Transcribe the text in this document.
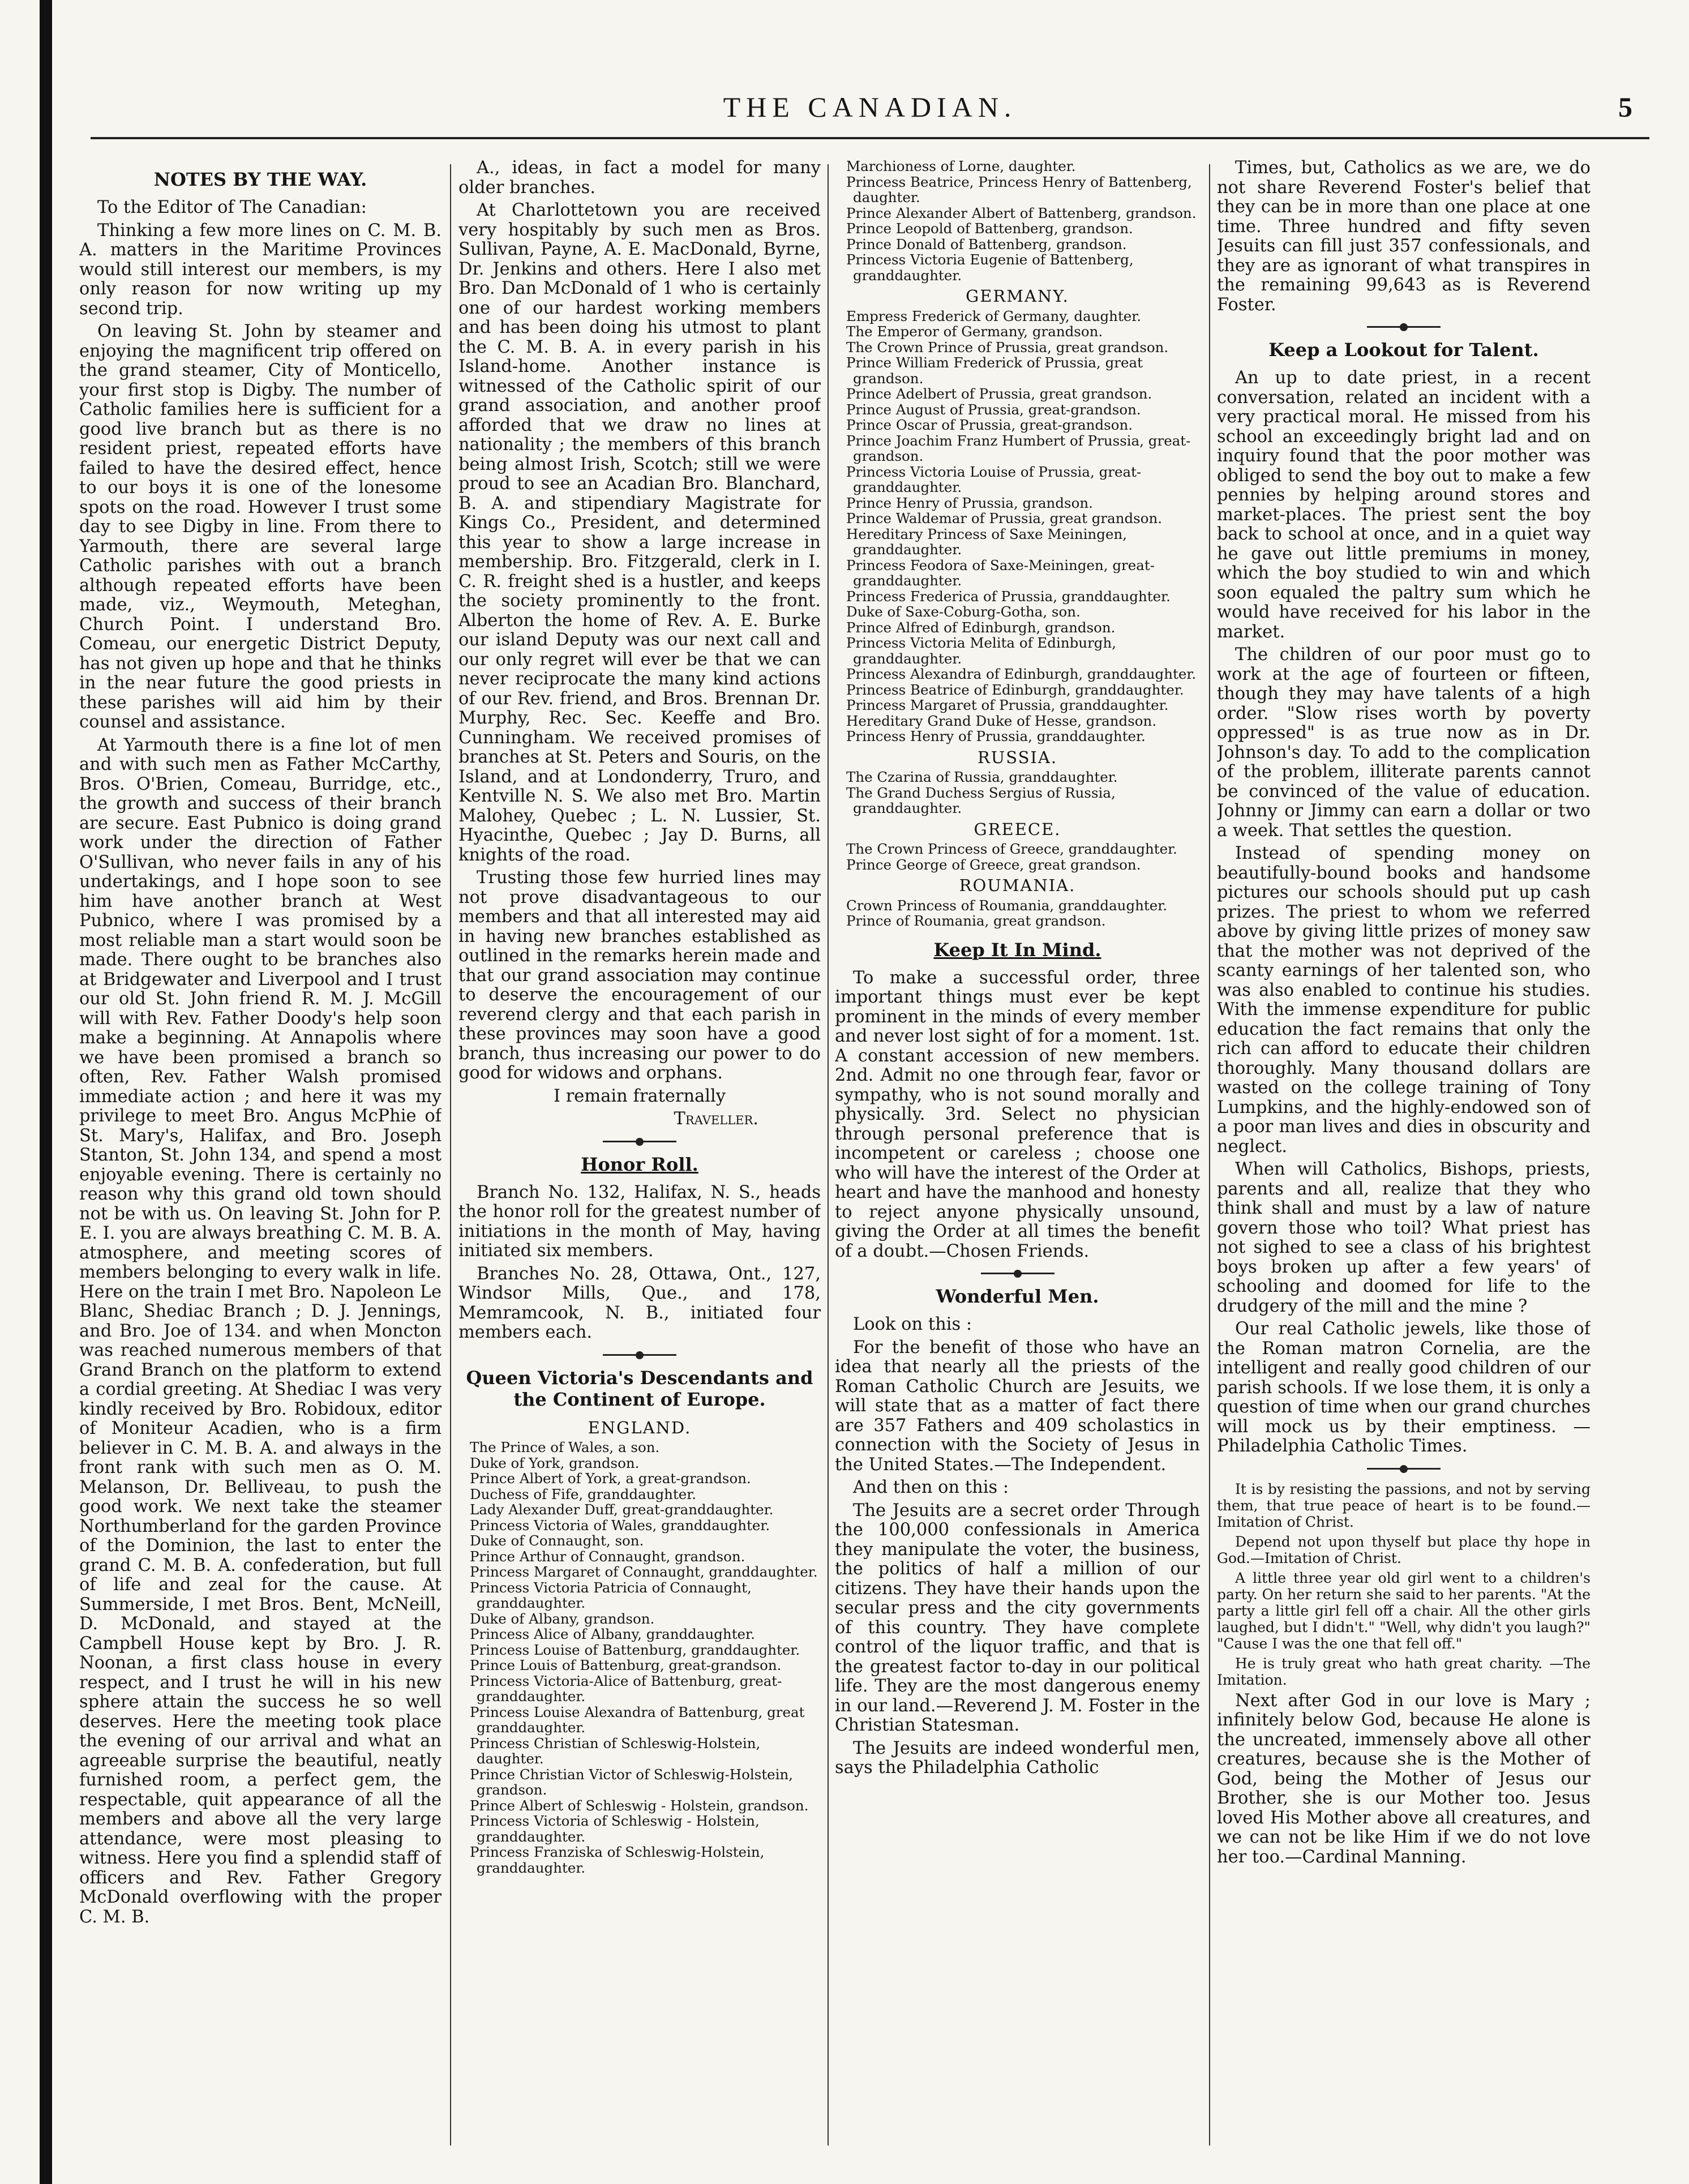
THE CANADIAN.	5
NOTES BY THE WAY.

To the Editor of The Canadian:

Thinking a few more lines on C. M. B. A. matters in the Maritime Provinces would still interest our members, is my only reason for now writing up my second trip.

On leaving St. John by steamer and enjoying the magnificent trip offered on the grand steamer, City of Monticello, your first stop is Digby. The number of Catholic families here is sufficient for a good live branch but as there is no resident priest, repeated efforts have failed to have the desired effect, hence to our boys it is one of the lonesome spots on the road. However I trust some day to see Digby in line. From there to Yarmouth, there are several large Catholic parishes with out a branch although repeated efforts have been made, viz., Weymouth, Meteghan, Church Point. I understand Bro. Comeau, our energetic District Deputy, has not given up hope and that he thinks in the near future the good priests in these parishes will aid him by their counsel and assistance.

At Yarmouth there is a fine lot of men and with such men as Father McCarthy, Bros. O'Brien, Comeau, Burridge, etc., the growth and success of their branch are secure. East Pubnico is doing grand work under the direction of Father O'Sullivan, who never fails in any of his undertakings, and I hope soon to see him have another branch at West Pubnico, where I was promised by a most reliable man a start would soon be made. There ought to be branches also at Bridgewater and Liverpool and I trust our old St. John friend R. M. J. McGill will with Rev. Father Doody's help soon make a beginning. At Annapolis where we have been promised a branch so often, Rev. Father Walsh promised immediate action ; and here it was my privilege to meet Bro. Angus McPhie of St. Mary's, Halifax, and Bro. Joseph Stanton, St. John 134, and spend a most enjoyable evening. There is certainly no reason why this grand old town should not be with us. On leaving St. John for P. E. I. you are always breathing C. M. B. A. atmosphere, and meeting scores of members belonging to every walk in life. Here on the train I met Bro. Napoleon Le Blanc, Shediac Branch ; D. J. Jennings, and Bro. Joe of 134. and when Moncton was reached numerous members of that Grand Branch on the platform to extend a cordial greeting. At Shediac I was very kindly received by Bro. Robidoux, editor of Moniteur Acadien, who is a firm believer in C. M. B. A. and always in the front rank with such men as O. M. Melanson, Dr. Belliveau, to push the good work. We next take the steamer Northumberland for the garden Province of the Dominion, the last to enter the grand C. M. B. A. confederation, but full of life and zeal for the cause. At Summerside, I met Bros. Bent, McNeill, D. McDonald, and stayed at the Campbell House kept by Bro. J. R. Noonan, a first class house in every respect, and I trust he will in his new sphere attain the success he so well deserves. Here the meeting took place the evening of our arrival and what an agreeable surprise the beautiful, neatly furnished room, a perfect gem, the respectable, quit appearance of all the members and above all the very large attendance, were most pleasing to witness. Here you find a splendid staff of officers and Rev. Father Gregory McDonald overflowing with the proper C. M. B.

A., ideas, in fact a model for many older branches.

At Charlottetown you are received very hospitably by such men as Bros. Sullivan, Payne, A. E. MacDonald, Byrne, Dr. Jenkins and others. Here I also met Bro. Dan McDonald of 1 who is certainly one of our hardest working members and has been doing his utmost to plant the C. M. B. A. in every parish in his Island-home. Another instance is witnessed of the Catholic spirit of our grand association, and another proof afforded that we draw no lines at nationality ; the members of this branch being almost Irish, Scotch; still we were proud to see an Acadian Bro. Blanchard, B. A. and stipendiary Magistrate for Kings Co., President, and determined this year to show a large increase in membership. Bro. Fitzgerald, clerk in I. C. R. freight shed is a hustler, and keeps the society prominently to the front. Alberton the home of Rev. A. E. Burke our island Deputy was our next call and our only regret will ever be that we can never reciprocate the many kind actions of our Rev. friend, and Bros. Brennan Dr. Murphy, Rec. Sec. Keeffe and Bro. Cunningham. We received promises of branches at St. Peters and Souris, on the Island, and at Londonderry, Truro, and Kentville N. S. We also met Bro. Martin Malohey, Quebec ; L. N. Lussier, St. Hyacinthe, Quebec ; Jay D. Burns, all knights of the road.

Trusting those few hurried lines may not prove disadvantageous to our members and that all interested may aid in having new branches established as outlined in the remarks herein made and that our grand association may continue to deserve the encouragement of our reverend clergy and that each parish in these provinces may soon have a good branch, thus increasing our power to do good for widows and orphans.

I remain fraternally

Traveller.

Honor Roll.

Branch No. 132, Halifax, N. S., heads the honor roll for the greatest number of initiations in the month of May, having initiated six members.

Branches No. 28, Ottawa, Ont., 127, Windsor Mills, Que., and 178, Memramcook, N. B., initiated four members each.

Queen Victoria's Descendants and the Continent of Europe.
ENGLAND.
The Prince of Wales, a son.
Duke of York, grandson.
Prince Albert of York, a great-grandson.
Duchess of Fife, granddaughter.
Lady Alexander Duff, great-granddaughter.
Princess Victoria of Wales, granddaughter.
Duke of Connaught, son.
Prince Arthur of Connaught, grandson.
Princess Margaret of Connaught, granddaughter.
Princess Victoria Patricia of Connaught, granddaughter.
Duke of Albany, grandson.
Princess Alice of Albany, granddaughter.
Princess Louise of Battenburg, granddaughter.
Prince Louis of Battenburg, great-grandson.
Princess Victoria-Alice of Battenburg, great-granddaughter.
Princess Louise Alexandra of Battenburg, great granddaughter.
Princess Christian of Schleswig-Holstein, daughter.
Prince Christian Victor of Schleswig-Holstein, grandson.
Prince Albert of Schleswig - Holstein, grandson.
Princess Victoria of Schleswig - Holstein, granddaughter.
Princess Franziska of Schleswig-Holstein, granddaughter.
Marchioness of Lorne, daughter.
Princess Beatrice, Princess Henry of Battenberg, daughter.
Prince Alexander Albert of Battenberg, grandson.
Prince Leopold of Battenberg, grandson.
Prince Donald of Battenberg, grandson.
Princess Victoria Eugenie of Battenberg, granddaughter.
GERMANY.
Empress Frederick of Germany, daughter.
The Emperor of Germany, grandson.
The Crown Prince of Prussia, great grandson.
Prince William Frederick of Prussia, great grandson.
Prince Adelbert of Prussia, great grandson.
Prince August of Prussia, great-grandson.
Prince Oscar of Prussia, great-grandson.
Prince Joachim Franz Humbert of Prussia, great-grandson.
Princess Victoria Louise of Prussia, great-granddaughter.
Prince Henry of Prussia, grandson.
Prince Waldemar of Prussia, great grandson.
Hereditary Princess of Saxe Meiningen, granddaughter.
Princess Feodora of Saxe-Meiningen, great-granddaughter.
Princess Frederica of Prussia, granddaughter.
Duke of Saxe-Coburg-Gotha, son.
Prince Alfred of Edinburgh, grandson.
Princess Victoria Melita of Edinburgh, granddaughter.
Princess Alexandra of Edinburgh, granddaughter.
Princess Beatrice of Edinburgh, granddaughter.
Princess Margaret of Prussia, granddaughter.
Hereditary Grand Duke of Hesse, grandson.
Princess Henry of Prussia, granddaughter.
RUSSIA.
The Czarina of Russia, granddaughter.
The Grand Duchess Sergius of Russia, granddaughter.
GREECE.
The Crown Princess of Greece, granddaughter.
Prince George of Greece, great grandson.
ROUMANIA.
Crown Princess of Roumania, granddaughter.
Prince of Roumania, great grandson.
Keep It In Mind.

To make a successful order, three important things must ever be kept prominent in the minds of every member and never lost sight of for a moment. 1st. A constant accession of new members. 2nd. Admit no one through fear, favor or sympathy, who is not sound morally and physically. 3rd. Select no physician through personal preference that is incompetent or careless ; choose one who will have the interest of the Order at heart and have the manhood and honesty to reject anyone physically unsound, giving the Order at all times the benefit of a doubt.—Chosen Friends.

Wonderful Men.

Look on this :

For the benefit of those who have an idea that nearly all the priests of the Roman Catholic Church are Jesuits, we will state that as a matter of fact there are 357 Fathers and 409 scholastics in connection with the Society of Jesus in the United States.—The Independent.

And then on this :

The Jesuits are a secret order Through the 100,000 confessionals in America they manipulate the voter, the business, the politics of half a million of our citizens. They have their hands upon the secular press and the city governments of this country. They have complete control of the liquor traffic, and that is the greatest factor to-day in our political life. They are the most dangerous enemy in our land.—Reverend J. M. Foster in the Christian Statesman.

The Jesuits are indeed wonderful men, says the Philadelphia Catholic

Times, but, Catholics as we are, we do not share Reverend Foster's belief that they can be in more than one place at one time. Three hundred and fifty seven Jesuits can fill just 357 confessionals, and they are as ignorant of what transpires in the remaining 99,643 as is Reverend Foster.

Keep a Lookout for Talent.

An up to date priest, in a recent conversation, related an incident with a very practical moral. He missed from his school an exceedingly bright lad and on inquiry found that the poor mother was obliged to send the boy out to make a few pennies by helping around stores and market-places. The priest sent the boy back to school at once, and in a quiet way he gave out little premiums in money, which the boy studied to win and which soon equaled the paltry sum which he would have received for his labor in the market.

The children of our poor must go to work at the age of fourteen or fifteen, though they may have talents of a high order. "Slow rises worth by poverty oppressed" is as true now as in Dr. Johnson's day. To add to the complication of the problem, illiterate parents cannot be convinced of the value of education. Johnny or Jimmy can earn a dollar or two a week. That settles the question.

Instead of spending money on beautifully-bound books and handsome pictures our schools should put up cash prizes. The priest to whom we referred above by giving little prizes of money saw that the mother was not deprived of the scanty earnings of her talented son, who was also enabled to continue his studies. With the immense expenditure for public education the fact remains that only the rich can afford to educate their children thoroughly. Many thousand dollars are wasted on the college training of Tony Lumpkins, and the highly-endowed son of a poor man lives and dies in obscurity and neglect.

When will Catholics, Bishops, priests, parents and all, realize that they who think shall and must by a law of nature govern those who toil? What priest has not sighed to see a class of his brightest boys broken up after a few years' of schooling and doomed for life to the drudgery of the mill and the mine ?

Our real Catholic jewels, like those of the Roman matron Cornelia, are the intelligent and really good children of our parish schools. If we lose them, it is only a question of time when our grand churches will mock us by their emptiness. — Philadelphia Catholic Times.

It is by resisting the passions, and not by serving them, that true peace of heart is to be found.—Imitation of Christ.

Depend not upon thyself but place thy hope in God.—Imitation of Christ.

A little three year old girl went to a children's party. On her return she said to her parents. "At the party a little girl fell off a chair. All the other girls laughed, but I didn't." "Well, why didn't you laugh?" "Cause I was the one that fell off."

He is truly great who hath great charity. —The Imitation.

Next after God in our love is Mary ; infinitely below God, because He alone is the uncreated, immensely above all other creatures, because she is the Mother of God, being the Mother of Jesus our Brother, she is our Mother too. Jesus loved His Mother above all creatures, and we can not be like Him if we do not love her too.—Cardinal Manning.
